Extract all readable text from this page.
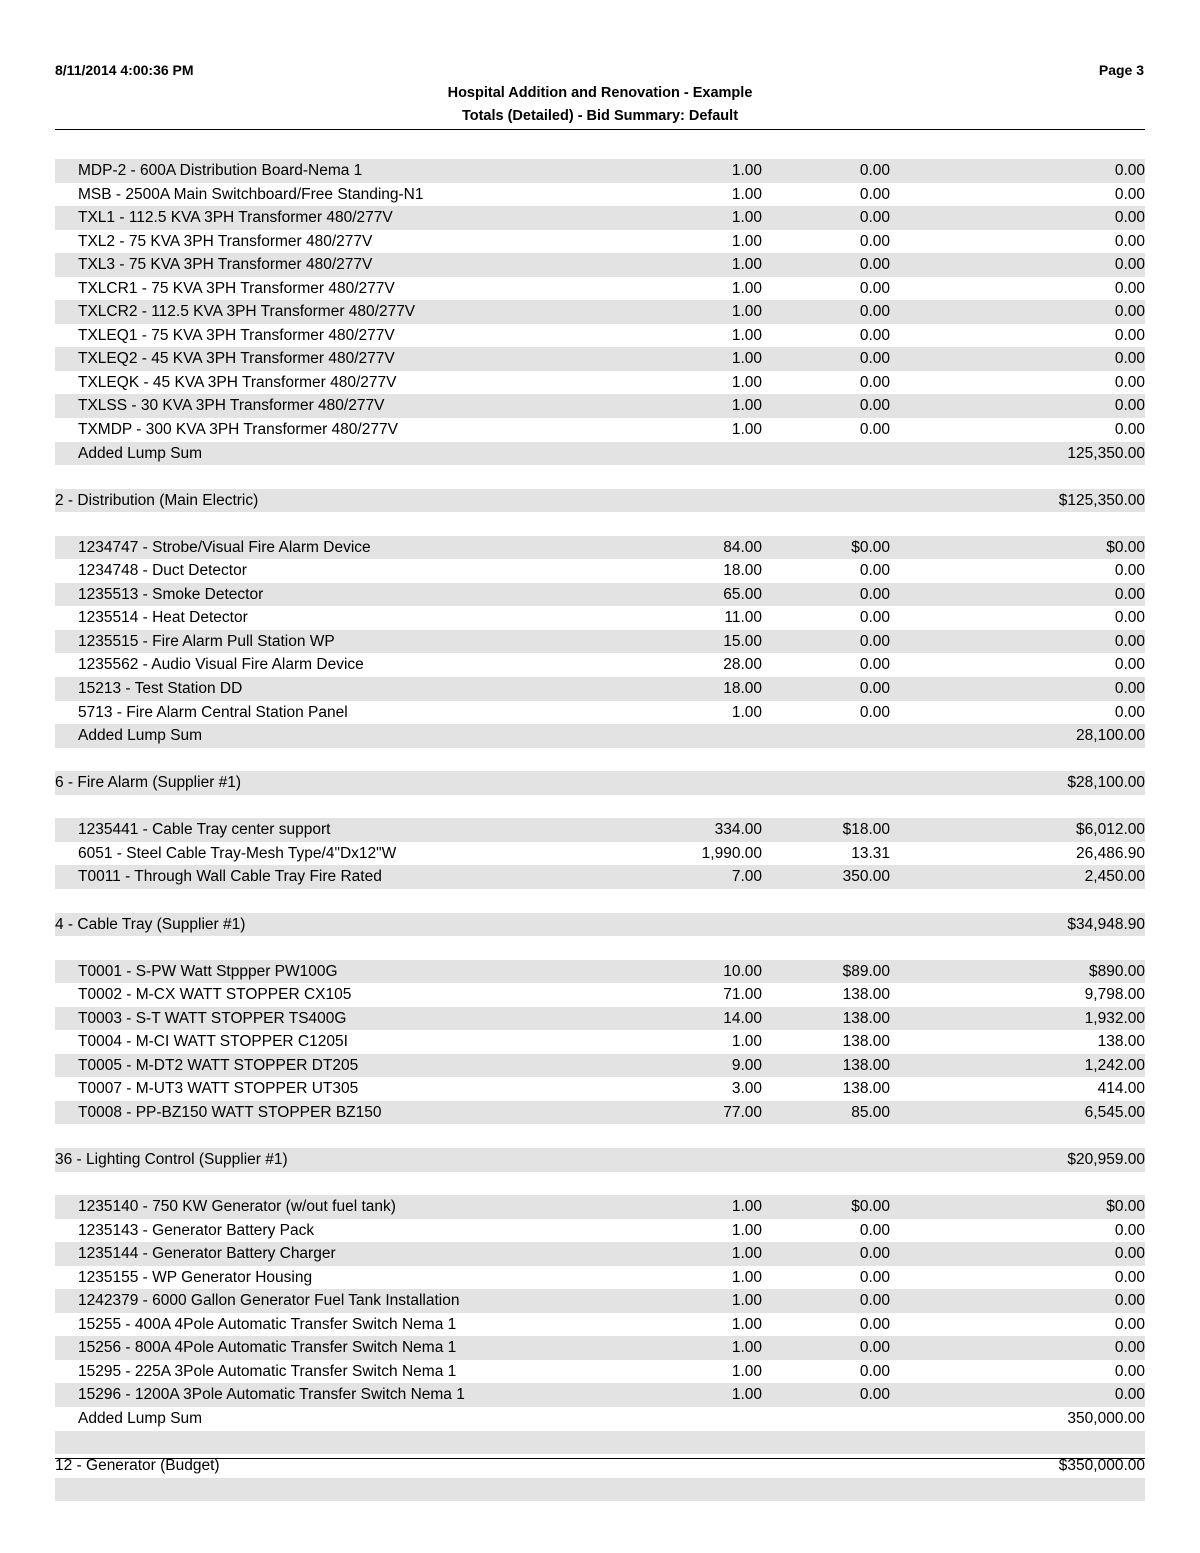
8/11/2014 4:00:36 PM	Page 3
Hospital Addition and Renovation - Example
Totals (Detailed) - Bid Summary: Default
MDP-2 - 600A Distribution Board-Nema 1	1.00	0.00	0.00
MSB - 2500A Main Switchboard/Free Standing-N1	1.00	0.00	0.00
TXL1 - 112.5 KVA 3PH Transformer 480/277V	1.00	0.00	0.00
TXL2 - 75 KVA 3PH Transformer 480/277V	1.00	0.00	0.00
TXL3 - 75 KVA 3PH Transformer 480/277V	1.00	0.00	0.00
TXLCR1 - 75 KVA 3PH Transformer 480/277V	1.00	0.00	0.00
TXLCR2 - 112.5 KVA 3PH Transformer 480/277V	1.00	0.00	0.00
TXLEQ1 - 75 KVA 3PH Transformer 480/277V	1.00	0.00	0.00
TXLEQ2 - 45 KVA 3PH Transformer 480/277V	1.00	0.00	0.00
TXLEQK - 45 KVA 3PH Transformer 480/277V	1.00	0.00	0.00
TXLSS - 30 KVA 3PH Transformer 480/277V	1.00	0.00	0.00
TXMDP - 300 KVA 3PH Transformer 480/277V	1.00	0.00	0.00
Added Lump Sum	125,350.00
2 - Distribution (Main Electric)	$125,350.00
1234747 - Strobe/Visual Fire Alarm Device	84.00	$0.00	$0.00
1234748 - Duct Detector	18.00	0.00	0.00
1235513 - Smoke Detector	65.00	0.00	0.00
1235514 - Heat Detector	11.00	0.00	0.00
1235515 - Fire Alarm Pull Station WP	15.00	0.00	0.00
1235562 - Audio Visual Fire Alarm Device	28.00	0.00	0.00
15213 - Test Station DD	18.00	0.00	0.00
5713 - Fire Alarm Central Station Panel	1.00	0.00	0.00
Added Lump Sum	28,100.00
6 - Fire Alarm (Supplier #1)	$28,100.00
1235441 - Cable Tray center support	334.00	$18.00	$6,012.00
6051 - Steel Cable Tray-Mesh Type/4"Dx12"W	1,990.00	13.31	26,486.90
T0011 - Through Wall Cable Tray Fire Rated	7.00	350.00	2,450.00
4 - Cable Tray (Supplier #1)	$34,948.90
T0001 - S-PW Watt Stppper PW100G	10.00	$89.00	$890.00
T0002 - M-CX WATT STOPPER CX105	71.00	138.00	9,798.00
T0003 - S-T WATT STOPPER TS400G	14.00	138.00	1,932.00
T0004 - M-CI WATT STOPPER C1205I	1.00	138.00	138.00
T0005 - M-DT2 WATT STOPPER DT205	9.00	138.00	1,242.00
T0007 - M-UT3 WATT STOPPER UT305	3.00	138.00	414.00
T0008 - PP-BZ150 WATT STOPPER BZ150	77.00	85.00	6,545.00
36 - Lighting Control (Supplier #1)	$20,959.00
1235140 - 750 KW Generator (w/out fuel tank)	1.00	$0.00	$0.00
1235143 - Generator Battery Pack	1.00	0.00	0.00
1235144 - Generator Battery Charger	1.00	0.00	0.00
1235155 - WP Generator Housing	1.00	0.00	0.00
1242379 - 6000 Gallon Generator Fuel Tank Installation	1.00	0.00	0.00
15255 - 400A 4Pole Automatic Transfer Switch Nema 1	1.00	0.00	0.00
15256 - 800A 4Pole Automatic Transfer Switch Nema 1	1.00	0.00	0.00
15295 - 225A 3Pole Automatic Transfer Switch Nema 1	1.00	0.00	0.00
15296 - 1200A 3Pole Automatic Transfer Switch Nema 1	1.00	0.00	0.00
Added Lump Sum	350,000.00
12 - Generator (Budget)	$350,000.00
